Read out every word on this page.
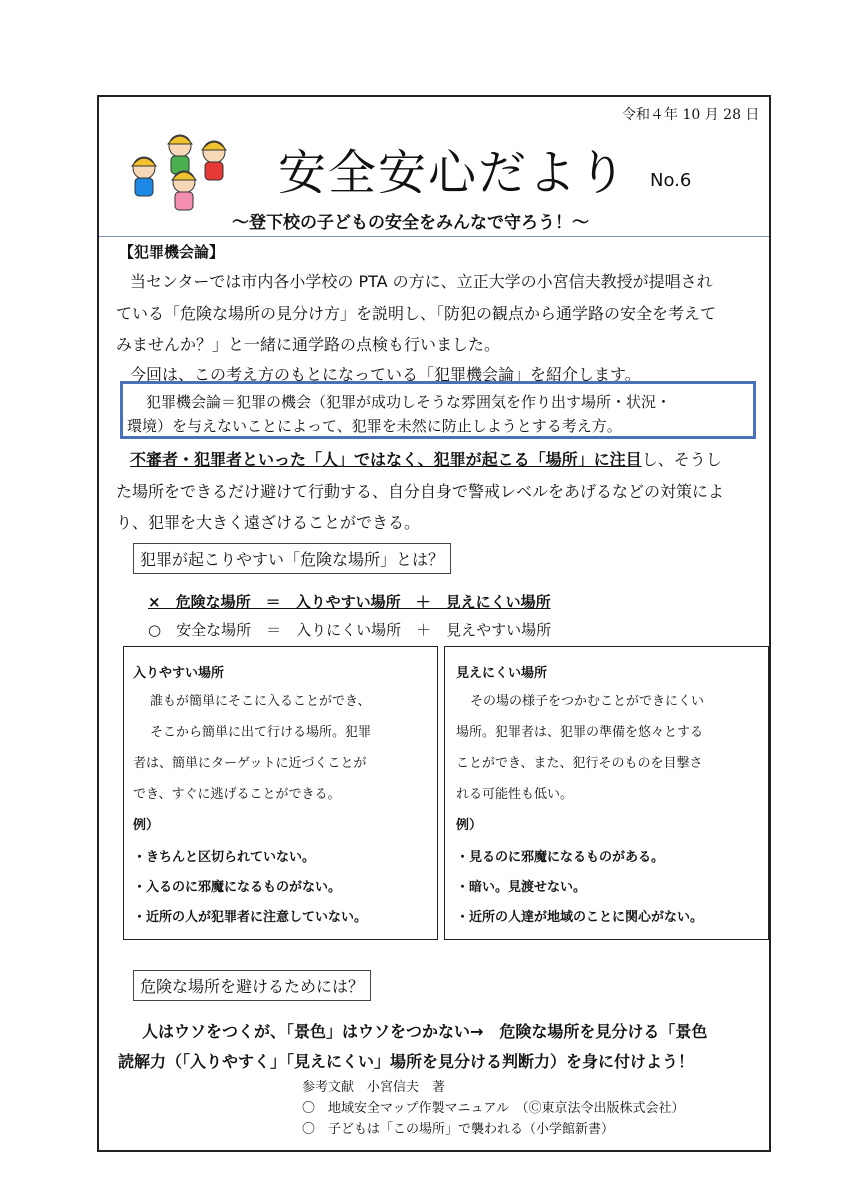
令和４年 10 月 28 日
安全安心だより No.6
～登下校の子どもの安全をみんなで守ろう！～
【犯罪機会論】
当センターでは市内各小学校の PTA の方に、立正大学の小宮信夫教授が提唱され
ている「危険な場所の見分け方」を説明し、「防犯の観点から通学路の安全を考えて
みませんか？」と一緒に通学路の点検も行いました。
今回は、この考え方のもとになっている「犯罪機会論」を紹介します。
犯罪機会論＝犯罪の機会（犯罪が成功しそうな雰囲気を作り出す場所・状況・
環境）を与えないことによって、犯罪を未然に防止しようとする考え方。
不審者・犯罪者といった「人」ではなく、犯罪が起こる「場所」に注目し、そうし
た場所をできるだけ避けて行動する、自分自身で警戒レベルをあげるなどの対策によ
り、犯罪を大きく遠ざけることができる。
犯罪が起こりやすい「危険な場所」とは？
×　危険な場所　＝　入りやすい場所　＋　見えにくい場所
○　安全な場所　＝　入りにくい場所　＋　見えやすい場所
入りやすい場所
誰もが簡単にそこに入ることができ、
そこから簡単に出て行ける場所。犯罪
者は、簡単にターゲットに近づくことが
でき、すぐに逃げることができる。
例）
・きちんと区切られていない。
・入るのに邪魔になるものがない。
・近所の人が犯罪者に注意していない。
見えにくい場所
その場の様子をつかむことができにくい
場所。犯罪者は、犯罪の準備を悠々とする
ことができ、また、犯行そのものを目撃さ
れる可能性も低い。
例）
・見るのに邪魔になるものがある。
・暗い。見渡せない。
・近所の人達が地域のことに関心がない。
危険な場所を避けるためには？
人はウソをつくが、「景色」はウソをつかない→　危険な場所を見分ける「景色
読解力（「入りやすく」「見えにくい」場所を見分ける判断力）を身に付けよう！
参考文献　小宮信夫　著
〇　地域安全マップ作製マニュアル　（Ⓒ東京法令出版株式会社）
〇　子どもは「この場所」で襲われる（小学館新書）
